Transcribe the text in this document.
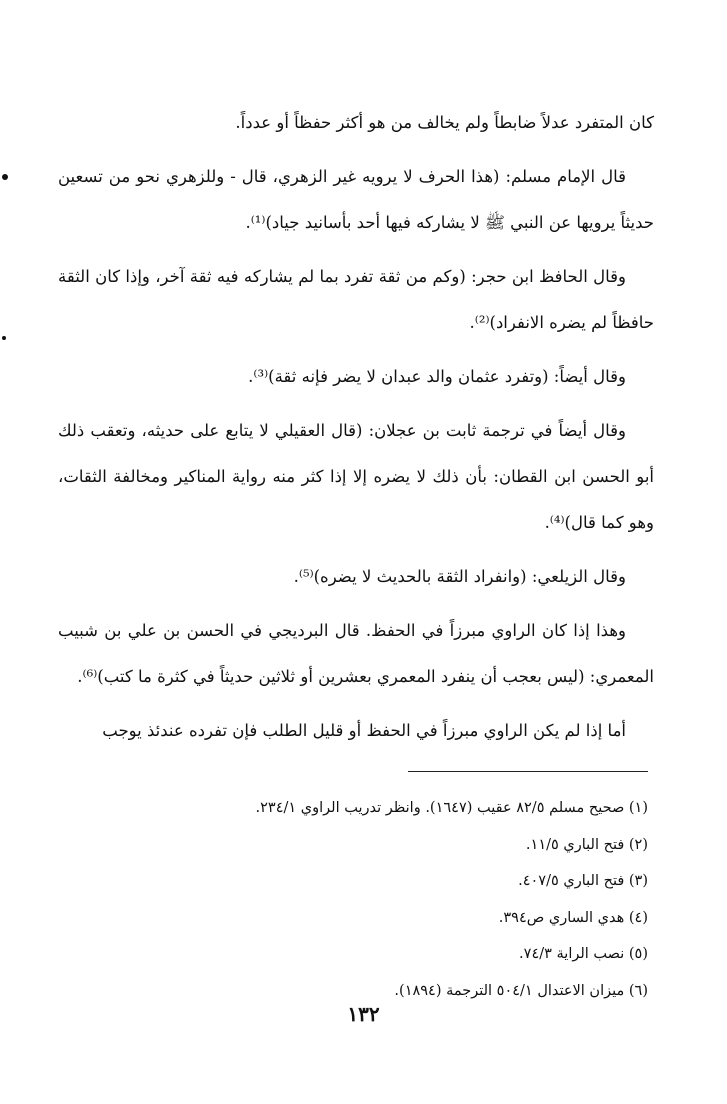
كان المتفرد عدلاً ضابطاً ولم يخالف من هو أكثر حفظاً أو عدداً.

قال الإمام مسلم: (هذا الحرف لا يرويه غير الزهري، قال - وللزهري نحو من تسعين حديثاً يرويها عن النبي ﷺ لا يشاركه فيها أحد بأسانيد جياد)⁽¹⁾.

وقال الحافظ ابن حجر: (وكم من ثقة تفرد بما لم يشاركه فيه ثقة آخر، وإذا كان الثقة حافظاً لم يضره الانفراد)⁽²⁾.

وقال أيضاً: (وتفرد عثمان والد عبدان لا يضر فإنه ثقة)⁽³⁾.

وقال أيضاً في ترجمة ثابت بن عجلان: (قال العقيلي لا يتابع على حديثه، وتعقب ذلك أبو الحسن ابن القطان: بأن ذلك لا يضره إلا إذا كثر منه رواية المناكير ومخالفة الثقات، وهو كما قال)⁽⁴⁾.

وقال الزيلعي: (وانفراد الثقة بالحديث لا يضره)⁽⁵⁾.

وهذا إذا كان الراوي مبرزاً في الحفظ. قال البرديجي في الحسن بن علي بن شبيب المعمري: (ليس بعجب أن ينفرد المعمري بعشرين أو ثلاثين حديثاً في كثرة ما كتب)⁽⁶⁾.

أما إذا لم يكن الراوي مبرزاً في الحفظ أو قليل الطلب فإن تفرده عندئذ يوجب

(١) صحيح مسلم ٨٢/٥ عقيب (١٦٤٧). وانظر تدريب الراوي ٢٣٤/١.

(٢) فتح الباري ١١/٥.

(٣) فتح الباري ٤٠٧/٥.

(٤) هدي الساري ص٣٩٤.

(٥) نصب الراية ٧٤/٣.

(٦) ميزان الاعتدال ٥٠٤/١ الترجمة (١٨٩٤).

١٣٢
